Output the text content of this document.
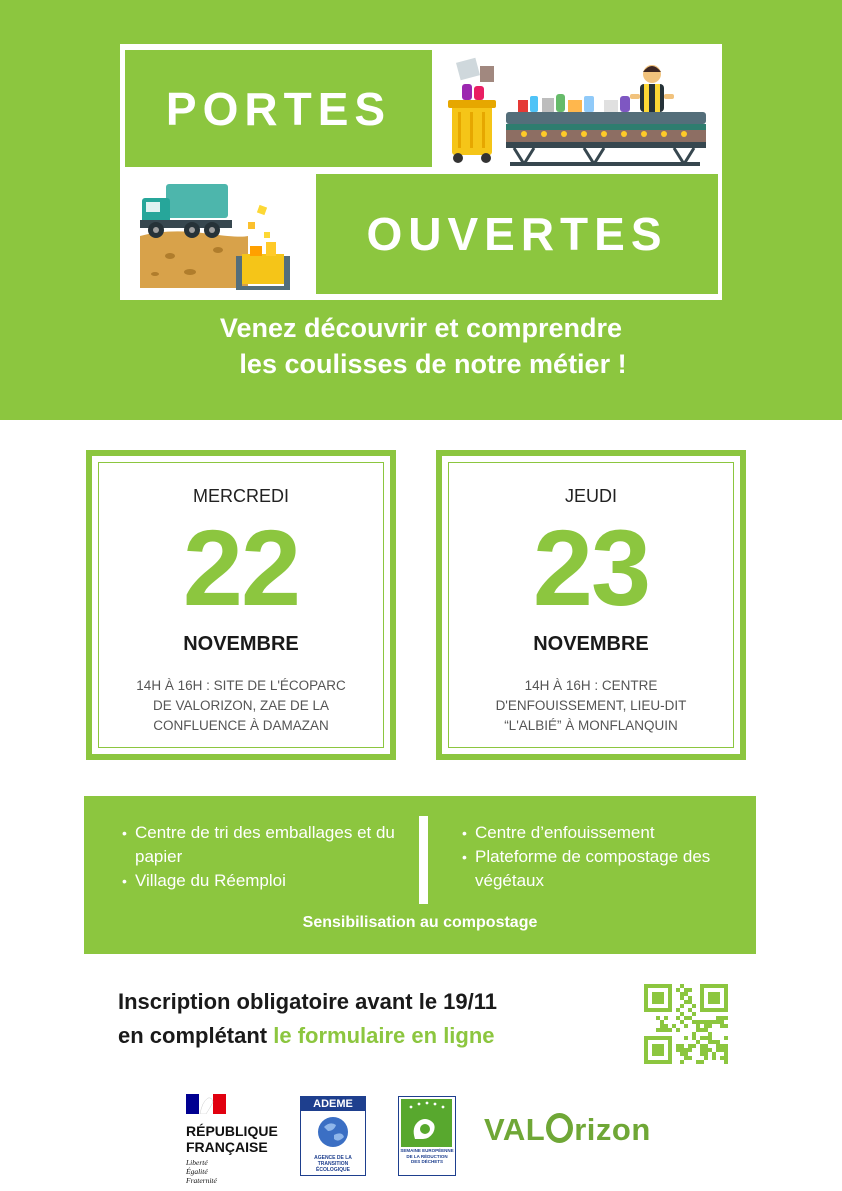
PORTES
OUVERTES
Venez découvrir et comprendre
les coulisses de notre métier !
MERCREDI
22
NOVEMBRE
14H À 16H : SITE DE L'ÉCOPARC
DE VALORIZON, ZAE DE LA
CONFLUENCE À DAMAZAN
JEUDI
23
NOVEMBRE
14H À 16H : CENTRE
D'ENFOUISSEMENT, LIEU-DIT
“L'ALBIÉ” À MONFLANQUIN
• Centre de tri des emballages et du papier
• Village du Réemploi
• Centre d’enfouissement
• Plateforme de compostage des végétaux
Sensibilisation au compostage
Inscription obligatoire avant le 19/11
en complétant le formulaire en ligne
RÉPUBLIQUE
FRANÇAISE
Liberté
Égalité
Fraternité
ADEME
AGENCE DE LA
TRANSITION
ÉCOLOGIQUE
SEMAINE EUROPÉENNE
DE LA RÉDUCTION
DES DÉCHETS
VAL rizon
